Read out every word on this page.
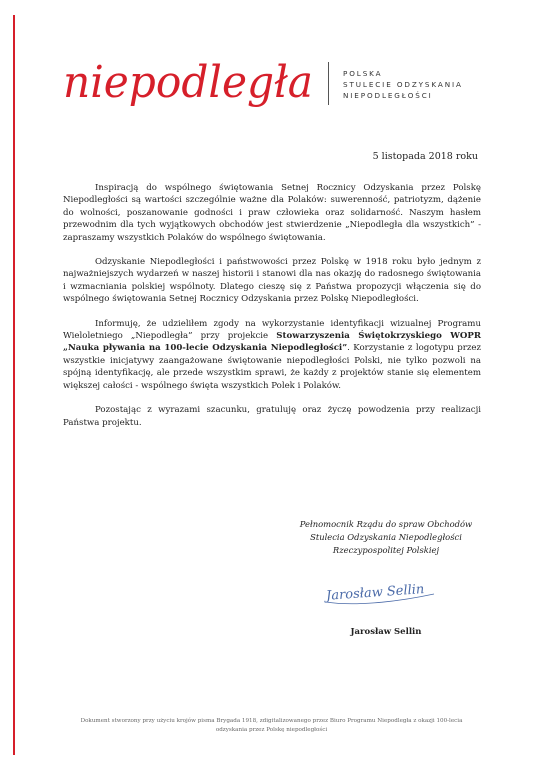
niepodległa	POLSKA
STULECIE ODZYSKANIA
NIEPODLEGŁOŚCI
5 listopada 2018 roku

Inspiracją do wspólnego świętowania Setnej Rocznicy Odzyskania przez Polskę Niepodległości są wartości szczególnie ważne dla Polaków: suwerenność, patriotyzm, dążenie do wolności, poszanowanie godności i praw człowieka oraz solidarność. Naszym hasłem przewodnim dla tych wyjątkowych obchodów jest stwierdzenie „Niepodległa dla wszystkich” - zapraszamy wszystkich Polaków do wspólnego świętowania.

Odzyskanie Niepodległości i państwowości przez Polskę w 1918 roku było jednym z najważniejszych wydarzeń w naszej historii i stanowi dla nas okazję do radosnego świętowania i wzmacniania polskiej wspólnoty. Dlatego cieszę się z Państwa propozycji włączenia się do wspólnego świętowania Setnej Rocznicy Odzyskania przez Polskę Niepodległości.

Informuję, że udzieliłem zgody na wykorzystanie identyfikacji wizualnej Programu Wieloletniego „Niepodległa” przy projekcie Stowarzyszenia Świętokrzyskiego WOPR „Nauka pływania na 100-lecie Odzyskania Niepodległości”. Korzystanie z logotypu przez wszystkie inicjatywy zaangażowane świętowanie niepodległości Polski, nie tylko pozwoli na spójną identyfikację, ale przede wszystkim sprawi, że każdy z projektów stanie się elementem większej całości - wspólnego święta wszystkich Polek i Polaków.

Pozostając z wyrazami szacunku, gratuluję oraz życzę powodzenia przy realizacji Państwa projektu.

Pełnomocnik Rządu do spraw Obchodów
Stulecia Odzyskania Niepodległości
Rzeczypospolitej Polskiej
Jarosław Sellin
Jarosław Sellin
Dokument stworzony przy użyciu krojów pisma Brygada 1918, zdigitalizowanego przez Biuro Programu Niepodległa z okazji 100-lecia
odzyskania przez Polskę niepodległości
